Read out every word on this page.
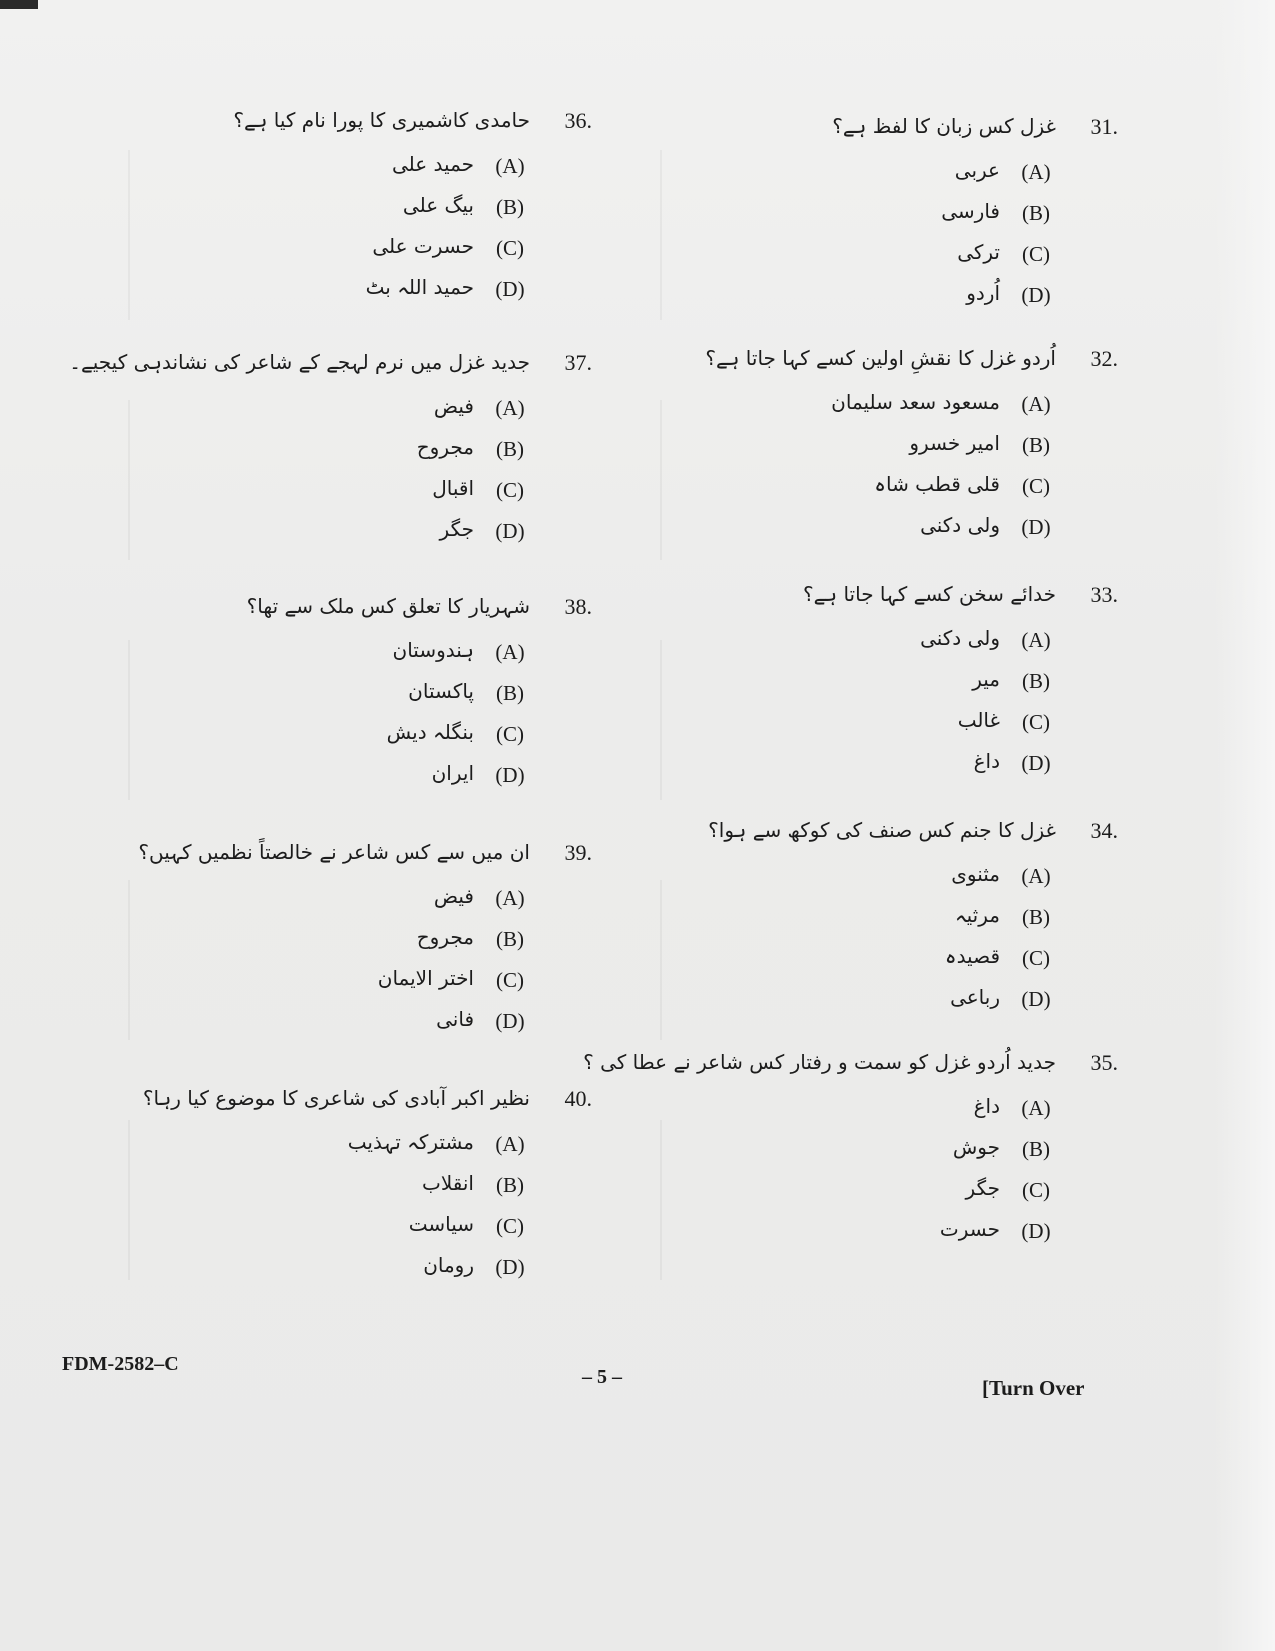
36.
حامدی کاشمیری کا پورا نام کیا ہے؟
(A)
حمید علی
(B)
بیگ علی
(C)
حسرت علی
(D)
حمید اللہ بٹ
37.
جدید غزل میں نرم لہجے کے شاعر کی نشاندہی کیجیے۔
(A)
فیض
(B)
مجروح
(C)
اقبال
(D)
جگر
38.
شہریار کا تعلق کس ملک سے تھا؟
(A)
ہندوستان
(B)
پاکستان
(C)
بنگلہ دیش
(D)
ایران
39.
ان میں سے کس شاعر نے خالصتاً نظمیں کہیں؟
(A)
فیض
(B)
مجروح
(C)
اختر الایمان
(D)
فانی
40.
نظیر اکبر آبادی کی شاعری کا موضوع کیا رہا؟
(A)
مشترکہ تہذیب
(B)
انقلاب
(C)
سیاست
(D)
رومان
31.
غزل کس زبان کا لفظ ہے؟
(A)
عربی
(B)
فارسی
(C)
ترکی
(D)
اُردو
32.
اُردو غزل کا نقشِ اولین کسے کہا جاتا ہے؟
(A)
مسعود سعد سلیمان
(B)
امیر خسرو
(C)
قلی قطب شاہ
(D)
ولی دکنی
33.
خدائے سخن کسے کہا جاتا ہے؟
(A)
ولی دکنی
(B)
میر
(C)
غالب
(D)
داغ
34.
غزل کا جنم کس صنف کی کوکھ سے ہوا؟
(A)
مثنوی
(B)
مرثیہ
(C)
قصیدہ
(D)
رباعی
35.
جدید اُردو غزل کو سمت و رفتار کس شاعر نے عطا کی ؟
(A)
داغ
(B)
جوش
(C)
جگر
(D)
حسرت
FDM-2582–C
– 5 –	[Turn Over
